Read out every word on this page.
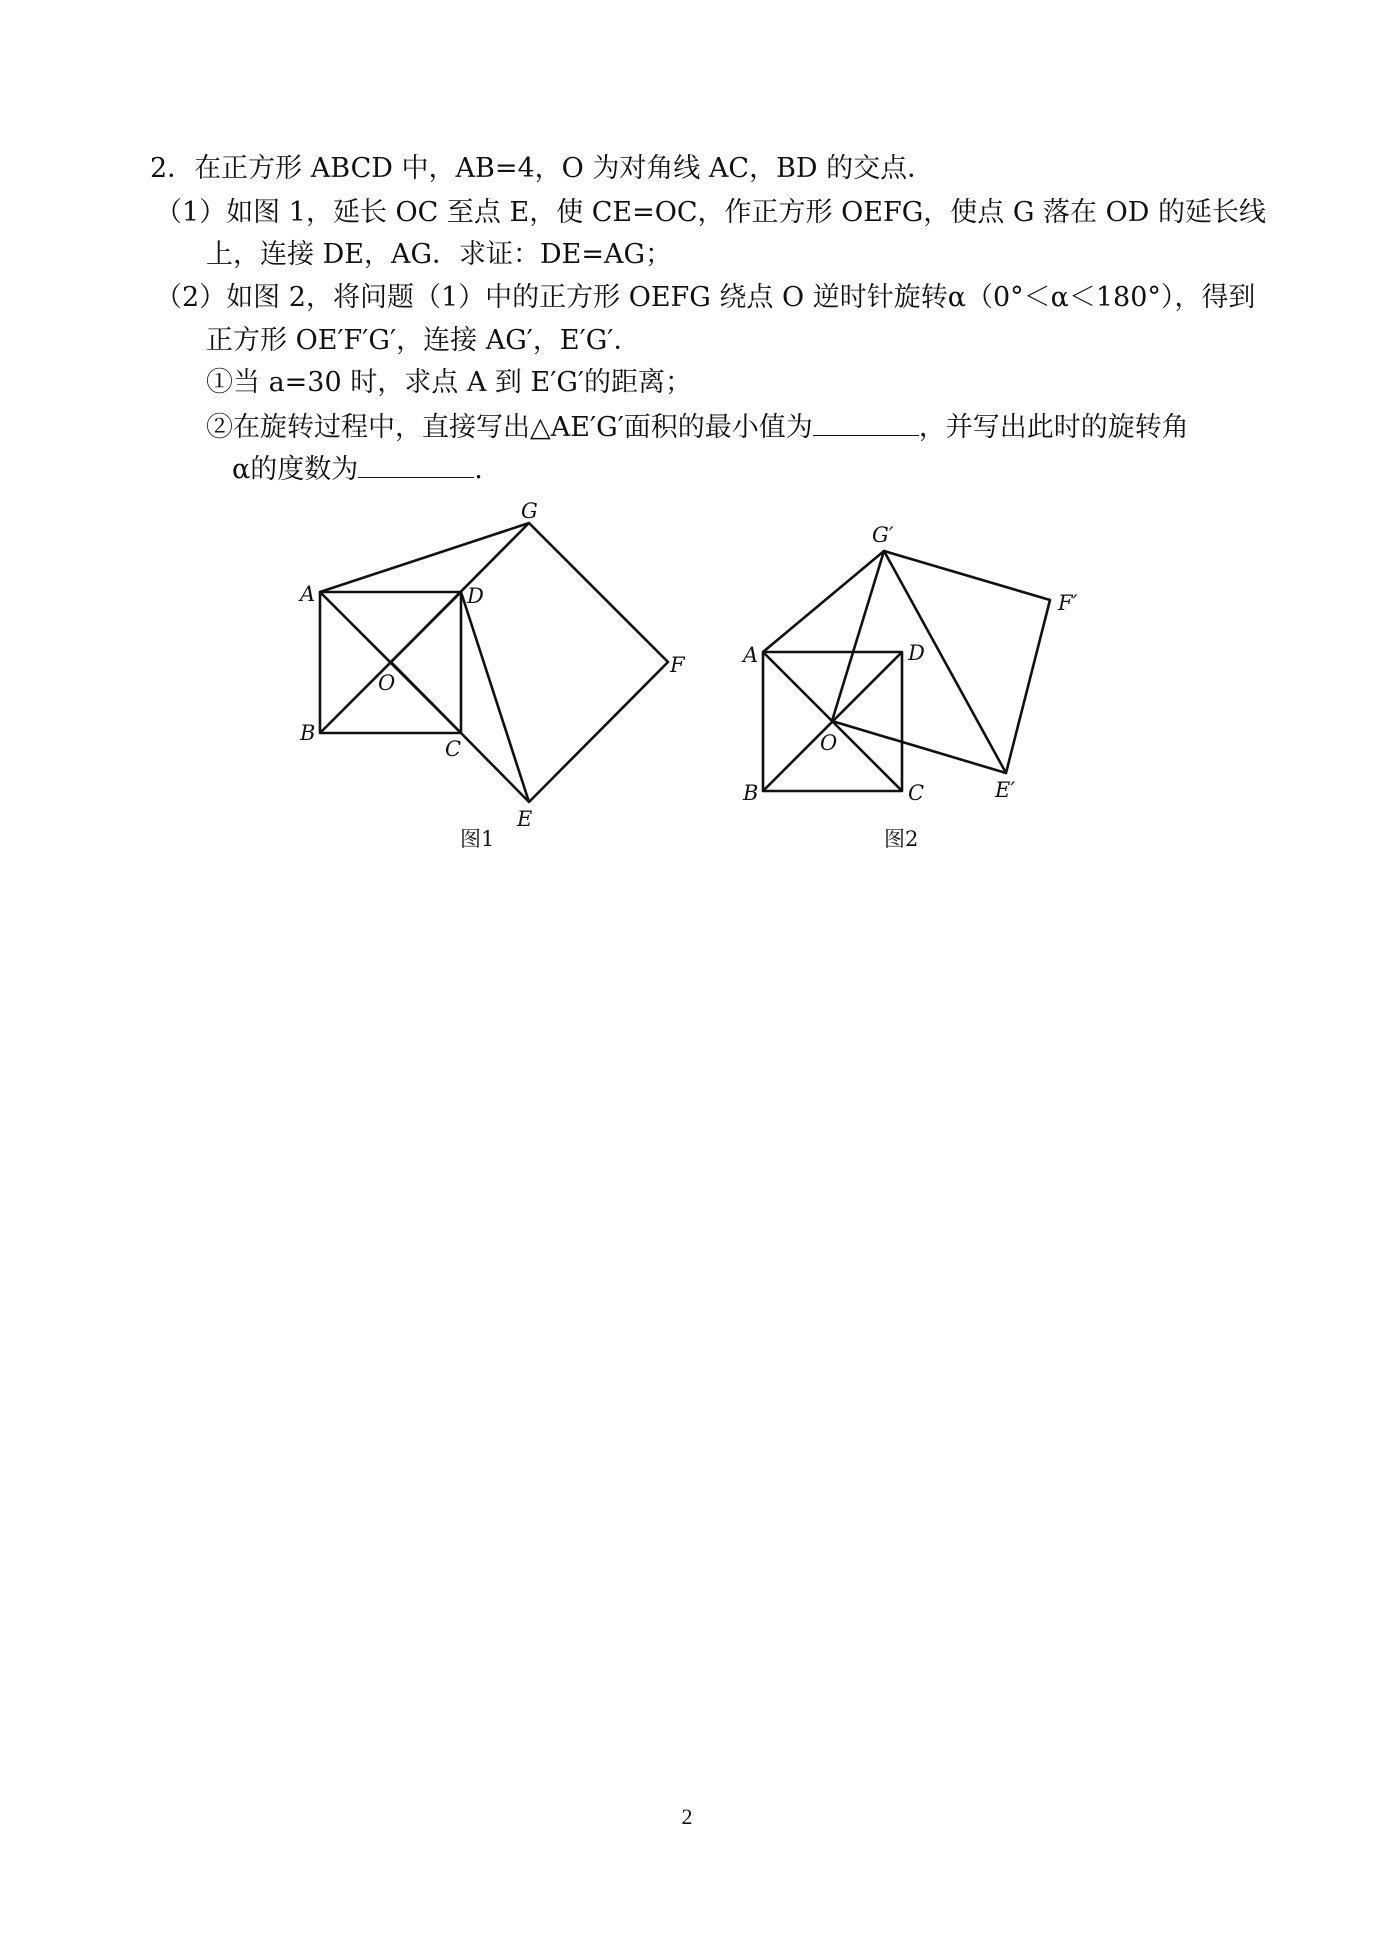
2．在正方形 ABCD 中，AB=4，O 为对角线 AC，BD 的交点．
（1）如图 1，延长 OC 至点 E，使 CE=OC，作正方形 OEFG，使点 G 落在 OD 的延长线
上，连接 DE，AG．求证：DE=AG；
（2）如图 2，将问题（1）中的正方形 OEFG 绕点 O 逆时针旋转α（0°＜α＜180°），得到
正方形 OE′F′G′，连接 AG′，E′G′．
①当 a=30 时，求点 A 到 E′G′的距离；
②在旋转过程中，直接写出△AE′G′面积的最小值为	，并写出此时的旋转角
α的度数为	.
A
B
C
D
O
E
F
G
图1
A
B	C
D
O
E′
F′
G′
图2
2
